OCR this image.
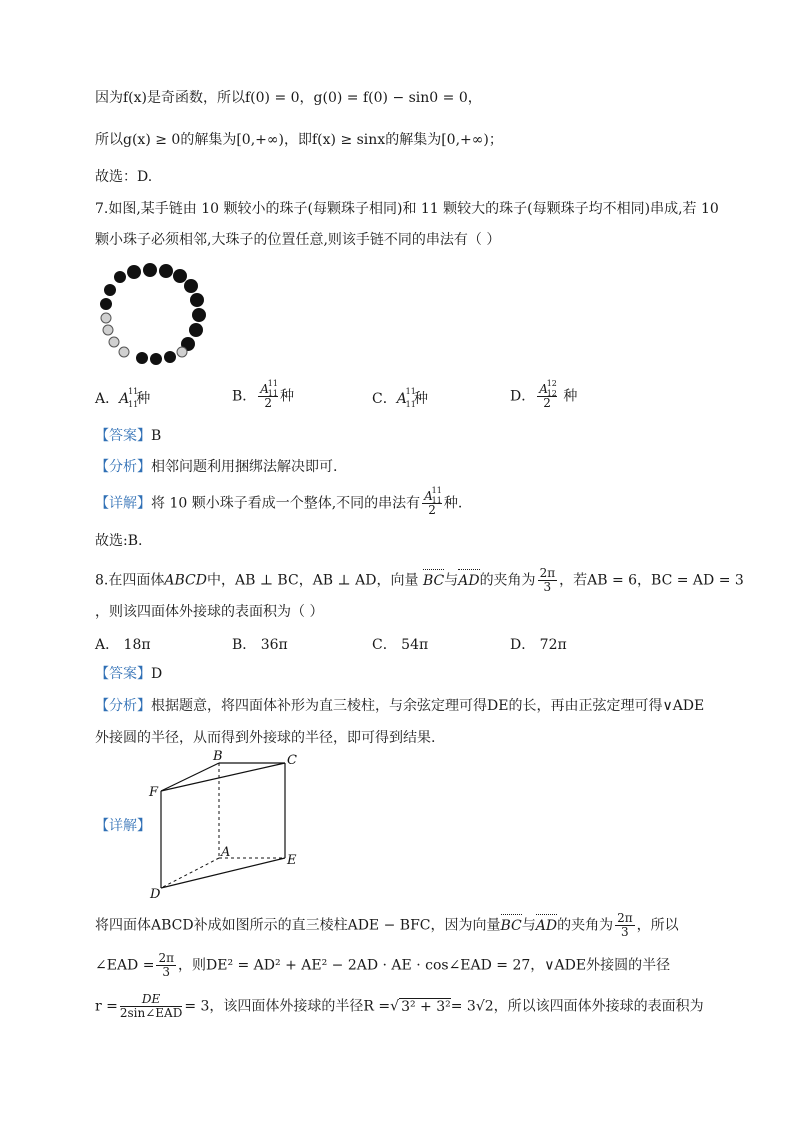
因为f(x)是奇函数，所以f(0) = 0，g(0) = f(0) − sin0 = 0，
所以g(x) ≥ 0的解集为[0,+∞)，即f(x) ≥ sinx的解集为[0,+∞)；
故选：D.
7.如图,某手链由 10 颗较小的珠子(每颗珠子相同)和 11 颗较大的珠子(每颗珠子均不相同)串成,若 10
颗小珠子必须相邻,大珠子的位置任意,则该手链不同的串法有（ ）
A．A
11
11
种	B． A
11
11
2 种	C．A
11
11
种	D． A
12
12
2 种
【答案】B
【分析】相邻问题利用捆绑法解决即可.
【详解】将 10 颗小珠子看成一个整体,不同的串法有 A
11
11
2 种.
故选:B.
8.在四面体ABCD中，AB ⊥ BC，AB ⊥ AD，向量 BC与AD的夹角为 $\frac{2\pi}{3}$ ，若AB = 6，BC = AD = 3
，则该四面体外接球的表面积为（ ）
A． 18π	B． 36π	C． 54π	D． 72π
【答案】D
【分析】根据题意，将四面体补形为直三棱柱，与余弦定理可得DE的长，再由正弦定理可得∨ADE
外接圆的半径，从而得到外接球的半径，即可得到结果.
【详解】
B	C
F
A
E
D
将四面体ABCD补成如图所示的直三棱柱ADE − BFC，因为向量BC与AD的夹角为 $\frac{2\pi}{3}$ ，所以
∠EAD = $\frac{2\pi}{3}$ ，则DE² = AD² + AE² − 2AD · AE · cos∠EAD = 27，∨ADE外接圆的半径
$r = \frac{DE}{\text{2sin∠EAD}} = 3$，该四面体外接球的半径R =√ 3² + 3²= 3√2，所以该四面体外接球的表面积为
